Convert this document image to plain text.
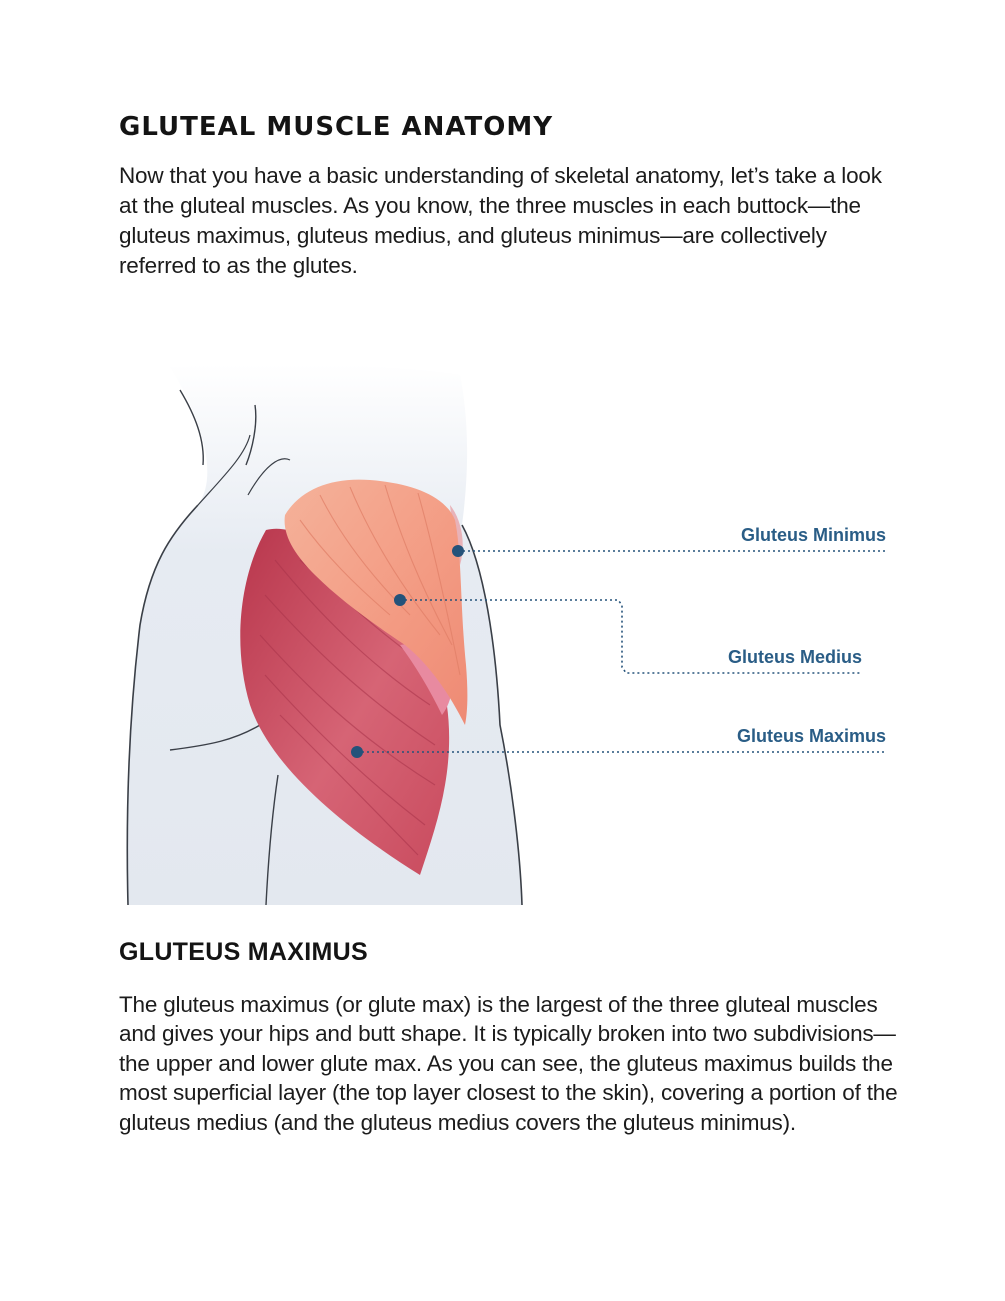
GLUTEAL MUSCLE ANATOMY

Now that you have a basic understanding of skeletal anatomy, let’s take a look at the gluteal muscles. As you know, the three muscles in each buttock—the gluteus maximus, gluteus medius, and gluteus minimus—are collectively referred to as the glutes.

Gluteus Minimus
Gluteus Medius
Gluteus Maximus
GLUTEUS MAXIMUS

The gluteus maximus (or glute max) is the largest of the three gluteal muscles and gives your hips and butt shape. It is typically broken into two subdivisions—the upper and lower glute max. As you can see, the gluteus maximus builds the most superficial layer (the top layer closest to the skin), covering a portion of the gluteus medius (and the gluteus medius covers the gluteus minimus).
